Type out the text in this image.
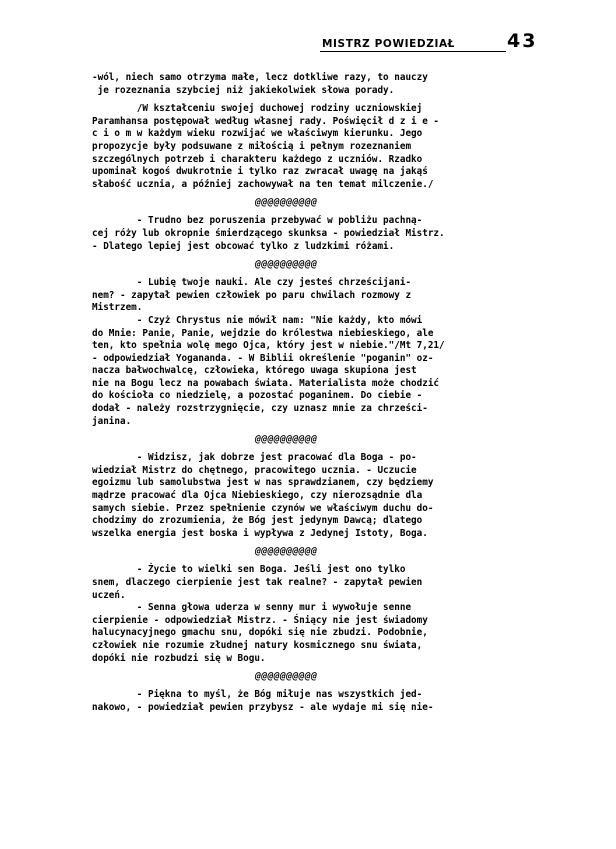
MISTRZ POWIEDZIAŁ	43
-wól, niech samo otrzyma małe, lecz dotkliwe razy, to nauczy
je rozeznania szybciej niż jakiekolwiek słowa porady.
/W kształceniu swojej duchowej rodziny uczniowskiej
Paramhansa postępował według własnej rady. Poświęcił d z i e -
c i o m w każdym wieku rozwijać we właściwym kierunku. Jego
propozycje były podsuwane z miłością i pełnym rozeznaniem
szczególnych potrzeb i charakteru każdego z uczniów. Rzadko
upominał kogoś dwukrotnie i tylko raz zwracał uwagę na jakąś
słabość ucznia, a później zachowywał na ten temat milczenie./
@@@@@@@@@@
- Trudno bez poruszenia przebywać w pobliżu pachną-
cej róży lub okropnie śmierdzącego skunksa - powiedział Mistrz.
- Dlatego lepiej jest obcować tylko z ludzkimi różami.
@@@@@@@@@@
- Lubię twoje nauki. Ale czy jesteś chrześcijani-
nem? - zapytał pewien człowiek po paru chwilach rozmowy z
Mistrzem.
- Czyż Chrystus nie mówił nam: "Nie każdy, kto mówi
do Mnie: Panie, Panie, wejdzie do królestwa niebieskiego, ale
ten, kto spełnia wolę mego Ojca, który jest w niebie."/Mt 7,21/
- odpowiedział Yogananda. - W Biblii określenie "poganin" oz-
nacza bałwochwalcę, człowieka, którego uwaga skupiona jest
nie na Bogu lecz na powabach świata. Materialista może chodzić
do kościoła co niedzielę, a pozostać poganinem. Do ciebie -
dodał - należy rozstrzygnięcie, czy uznasz mnie za chrześci-
janina.
@@@@@@@@@@
- Widzisz, jak dobrze jest pracować dla Boga - po-
wiedział Mistrz do chętnego, pracowitego ucznia. - Uczucie
egoizmu lub samolubstwa jest w nas sprawdzianem, czy będziemy
mądrze pracować dla Ojca Niebieskiego, czy nierozsądnie dla
samych siebie. Przez spełnienie czynów we właściwym duchu do-
chodzimy do zrozumienia, że Bóg jest jedynym Dawcą; dlatego
wszelka energia jest boska i wypływa z Jedynej Istoty, Boga.
@@@@@@@@@@
- Życie to wielki sen Boga. Jeśli jest ono tylko
snem, dlaczego cierpienie jest tak realne? - zapytał pewien
uczeń.
- Senna głowa uderza w senny mur i wywołuje senne
cierpienie - odpowiedział Mistrz. - Śniący nie jest świadomy
halucynacyjnego gmachu snu, dopóki się nie zbudzi. Podobnie,
człowiek nie rozumie złudnej natury kosmicznego snu świata,
dopóki nie rozbudzi się w Bogu.
@@@@@@@@@@
- Piękna to myśl, że Bóg miłuje nas wszystkich jed-
nakowo, - powiedział pewien przybysz - ale wydaje mi się nie-
